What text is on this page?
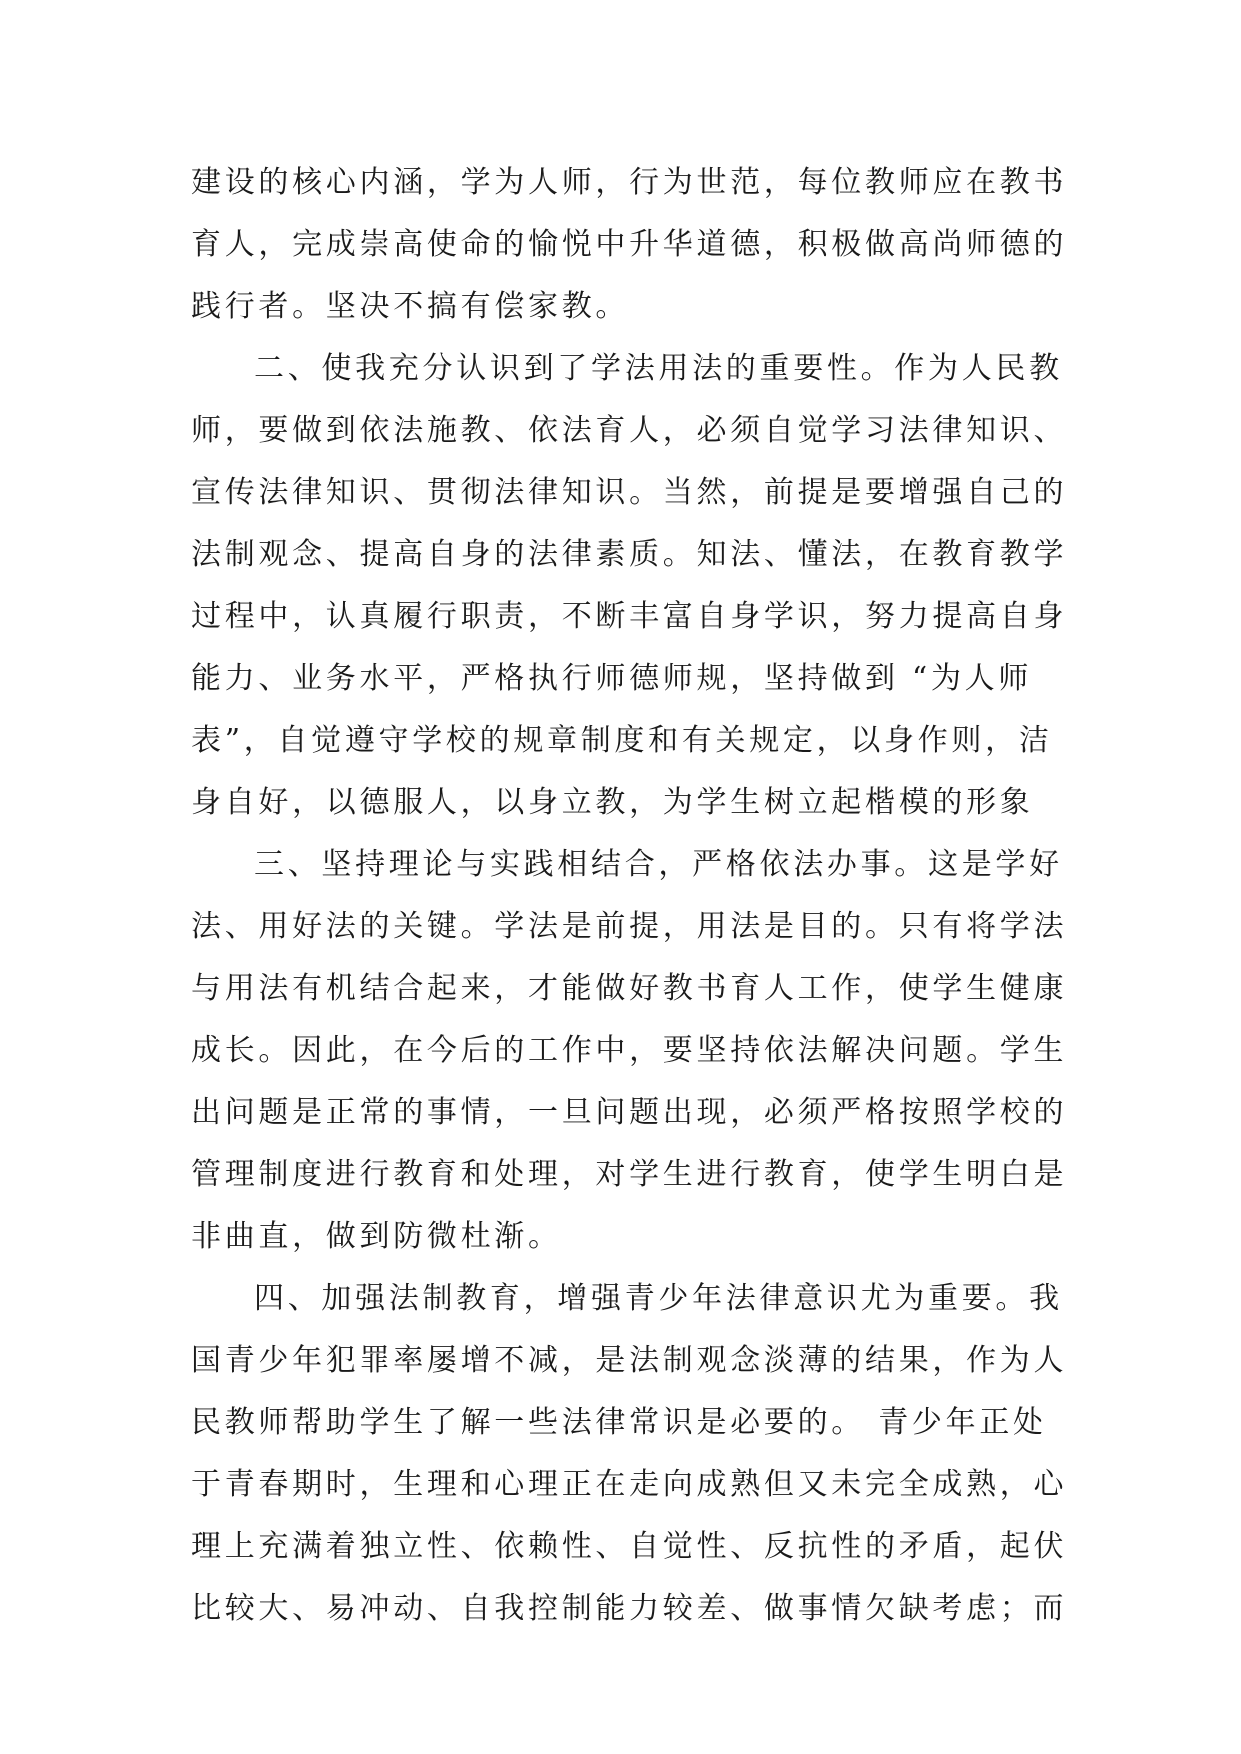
建设的核心内涵，学为人师，行为世范，每位教师应在教书
育人，完成崇高使命的愉悦中升华道德，积极做高尚师德的
践行者。坚决不搞有偿家教。
二、使我充分认识到了学法用法的重要性。作为人民教
师，要做到依法施教、依法育人，必须自觉学习法律知识、
宣传法律知识、贯彻法律知识。当然，前提是要增强自己的
法制观念、提高自身的法律素质。知法、懂法，在教育教学
过程中，认真履行职责，不断丰富自身学识，努力提高自身
能力、业务水平，严格执行师德师规，坚持做到 “为人师
表”，自觉遵守学校的规章制度和有关规定，以身作则，洁
身自好，以德服人，以身立教，为学生树立起楷模的形象
三、坚持理论与实践相结合，严格依法办事。这是学好
法、用好法的关键。学法是前提，用法是目的。只有将学法
与用法有机结合起来，才能做好教书育人工作，使学生健康
成长。因此，在今后的工作中，要坚持依法解决问题。学生
出问题是正常的事情，一旦问题出现，必须严格按照学校的
管理制度进行教育和处理，对学生进行教育，使学生明白是
非曲直，做到防微杜渐。
四、加强法制教育，增强青少年法律意识尤为重要。我
国青少年犯罪率屡增不减，是法制观念淡薄的结果，作为人
民教师帮助学生了解一些法律常识是必要的。 青少年正处
于青春期时，生理和心理正在走向成熟但又未完全成熟，心
理上充满着独立性、依赖性、自觉性、反抗性的矛盾，起伏
比较大、易冲动、自我控制能力较差、做事情欠缺考虑；而
